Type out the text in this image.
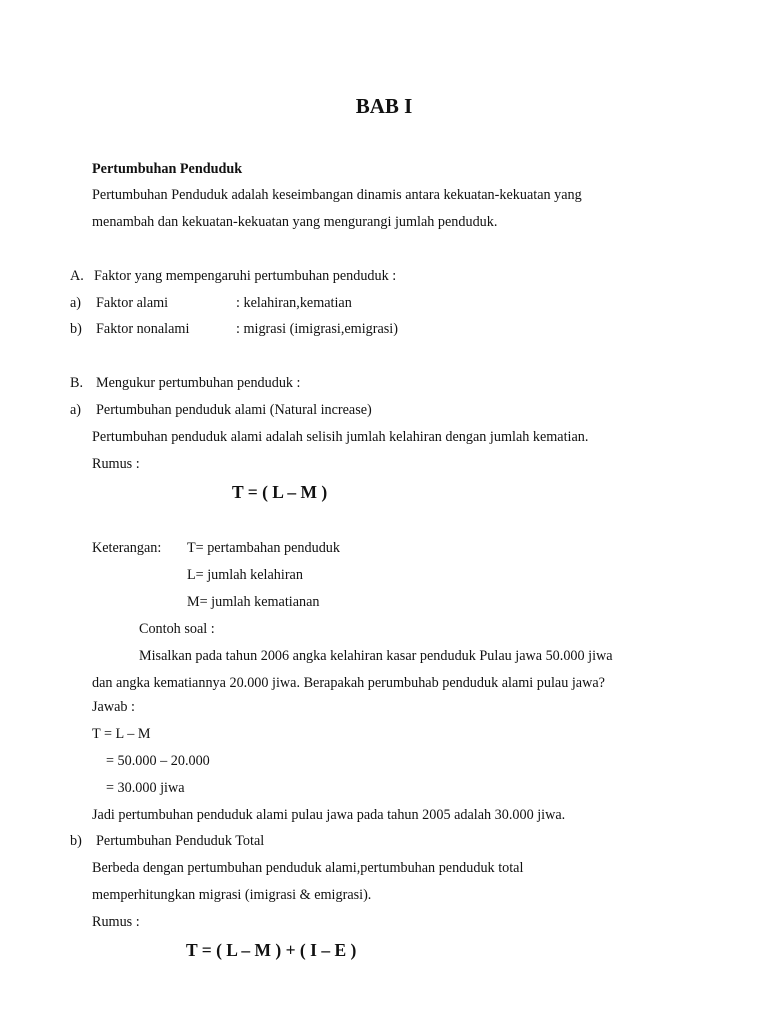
BAB I
Pertumbuhan Penduduk
Pertumbuhan Penduduk adalah keseimbangan dinamis antara kekuatan-kekuatan yang
menambah dan kekuatan-kekuatan yang mengurangi jumlah penduduk.
A. Faktor yang mempengaruhi pertumbuhan penduduk :
a) Faktor alami	: kelahiran,kematian
b) Faktor nonalami	: migrasi (imigrasi,emigrasi)
B. Mengukur pertumbuhan penduduk :
a) Pertumbuhan penduduk alami (Natural increase)
Pertumbuhan penduduk alami adalah selisih jumlah kelahiran dengan jumlah kematian.
Rumus :
T = ( L – M )
Keterangan: T= pertambahan penduduk
L= jumlah kelahiran
M= jumlah kematianan
Contoh soal :
Misalkan pada tahun 2006 angka kelahiran kasar penduduk Pulau jawa 50.000 jiwa
dan angka kematiannya 20.000 jiwa. Berapakah perumbuhab penduduk alami pulau jawa?
Jawab :
T = L – M
= 50.000 – 20.000
= 30.000 jiwa
Jadi pertumbuhan penduduk alami pulau jawa pada tahun 2005 adalah 30.000 jiwa.
b) Pertumbuhan Penduduk Total
Berbeda dengan pertumbuhan penduduk alami,pertumbuhan penduduk total
memperhitungkan migrasi (imigrasi & emigrasi).
Rumus :
T = ( L – M ) + ( I – E )
